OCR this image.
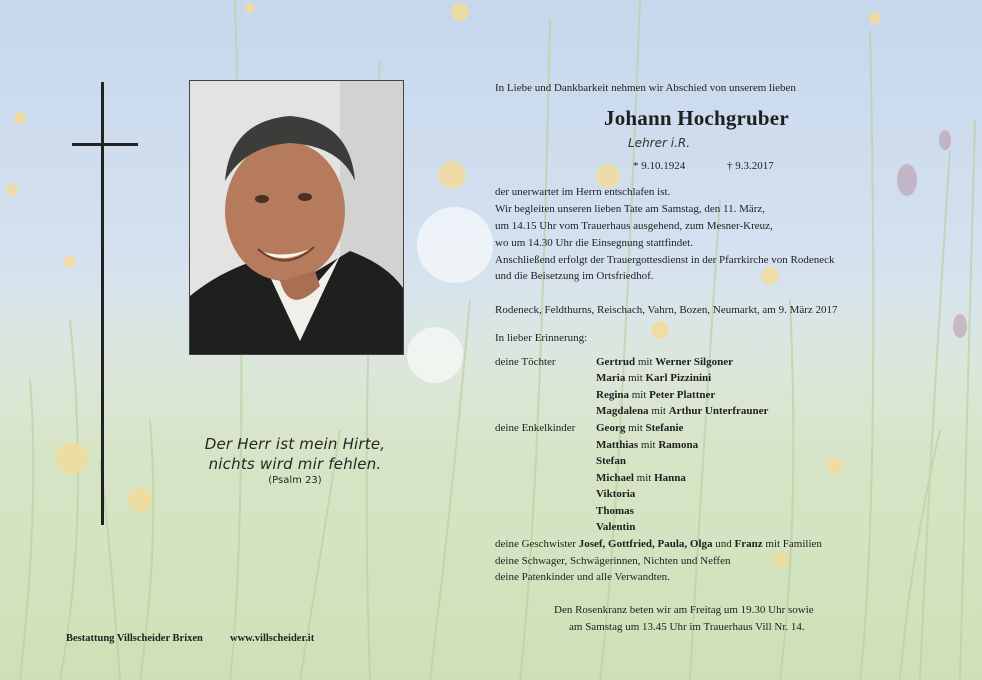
Der Herr ist mein Hirte,
nichts wird mir fehlen.
(Psalm 23)
Bestattung Villscheider Brixen	www.villscheider.it
In Liebe und Dankbarkeit nehmen wir Abschied von unserem lieben
Johann Hochgruber
Lehrer i.R.
* 9.10.1924	† 9.3.2017
der unerwartet im Herrn entschlafen ist.
Wir begleiten unseren lieben Tate am Samstag, den 11. März,
um 14.15 Uhr vom Trauerhaus ausgehend, zum Mesner-Kreuz,
wo um 14.30 Uhr die Einsegnung stattfindet.
Anschließend erfolgt der Trauergottesdienst in der Pfarrkirche von Rodeneck
und die Beisetzung im Ortsfriedhof.
Rodeneck, Feldthurns, Reischach, Vahrn, Bozen, Neumarkt, am 9. März 2017
In lieber Erinnerung:
deine Töchter	Gertrud mit Werner Silgoner
Maria mit Karl Pizzinini
Regina mit Peter Plattner
Magdalena mit Arthur Unterfrauner
deine Enkelkinder Georg mit Stefanie
Matthias mit Ramona
Stefan
Michael mit Hanna
Viktoria
Thomas
Valentin
deine Geschwister Josef, Gottfried, Paula, Olga und Franz mit Familien
deine Schwager, Schwägerinnen, Nichten und Neffen
deine Patenkinder und alle Verwandten.
Den Rosenkranz beten wir am Freitag um 19.30 Uhr sowie
am Samstag um 13.45 Uhr im Trauerhaus Vill Nr. 14.
